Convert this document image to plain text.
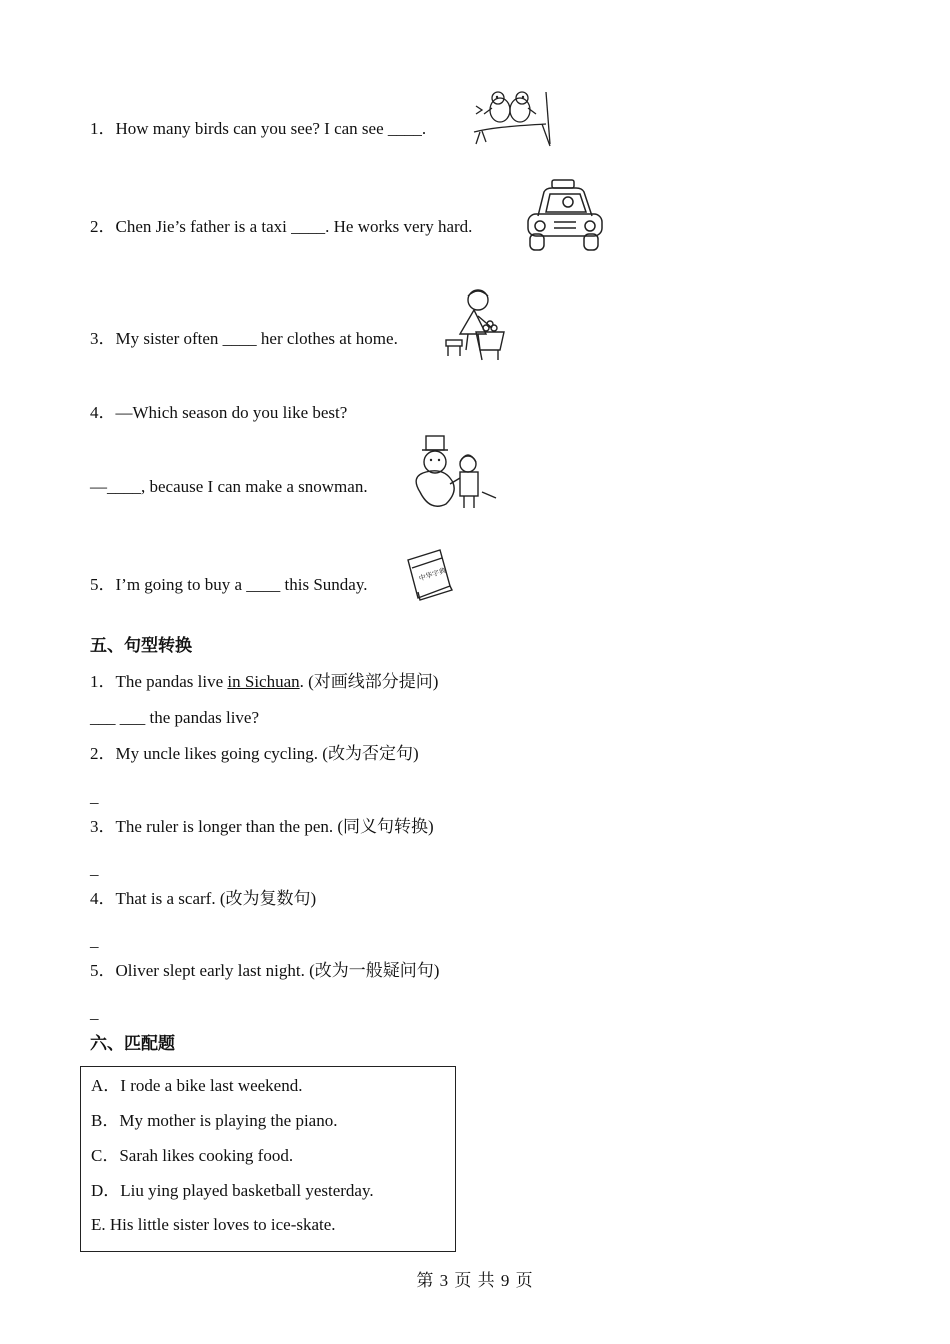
1．How many birds can you see? I can see ____.
2．Chen Jie’s father is a taxi ____. He works very hard.
3．My sister often ____ her clothes at home.
4．—Which season do you like best?
—____, because I can make a snowman.
5．I’m going to buy a ____ this Sunday.
中华字典
五、句型转换
1．The pandas live in Sichuan. (对画线部分提问)
___ ___ the pandas live?
2．My uncle likes going cycling. (改为否定句)
_
3．The ruler is longer than the pen. (同义句转换)
_
4．That is a scarf. (改为复数句)
_
5．Oliver slept early last night. (改为一般疑问句)
_
六、匹配题
A．I rode a bike last weekend.
B．My mother is playing the piano.
C．Sarah likes cooking food.
D．Liu ying played basketball yesterday.
E. His little sister loves to ice-skate.
第 3 页 共 9 页
